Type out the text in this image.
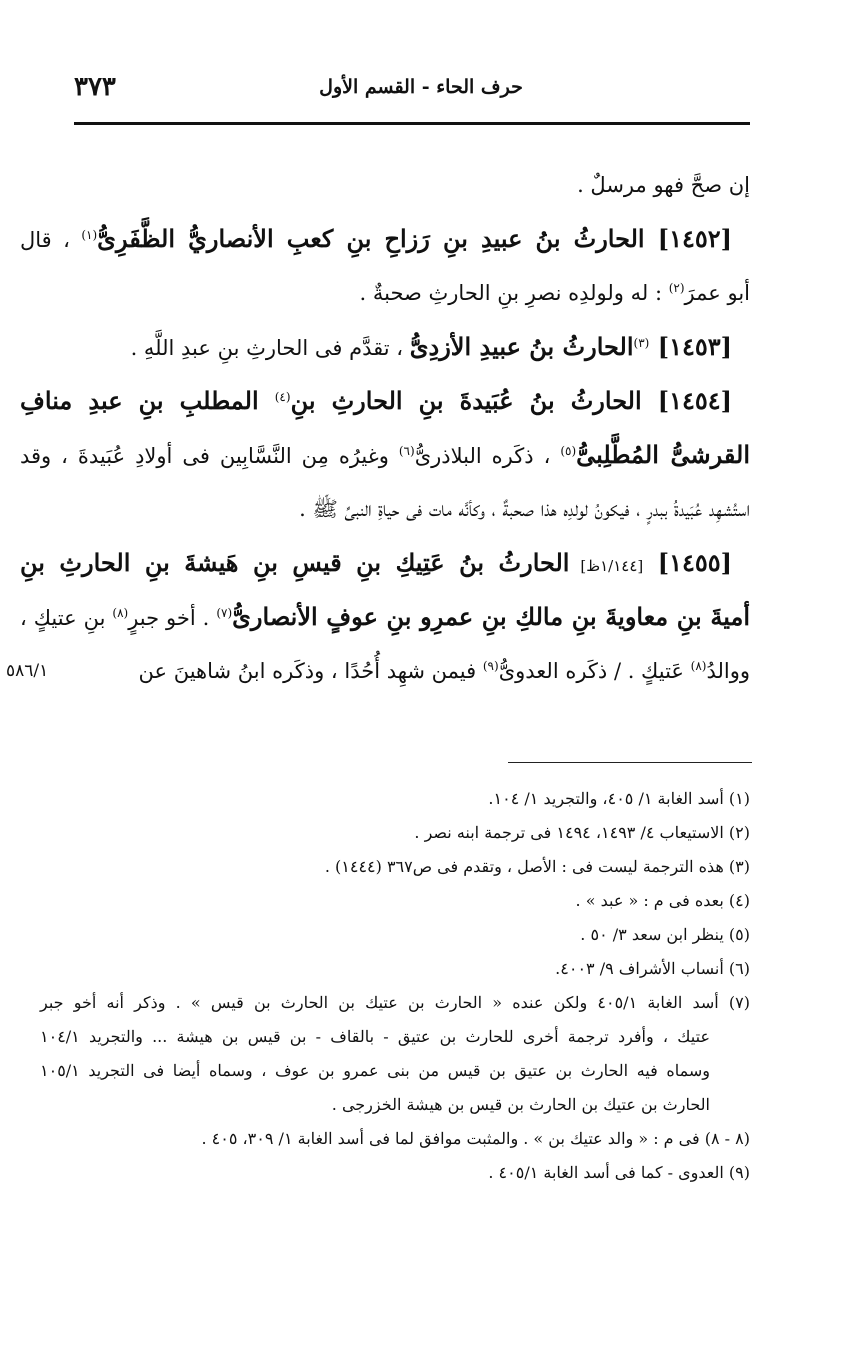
٣٧٣	حرف الحاء - القسم الأول
إن صحَّ فهو مرسلٌ .
[١٤٥٢] الحارثُ بنُ عبيدِ بنِ رَزاحِ بنِ كعبِ الأنصاريُّ الظَّفَرِىُّ$^{(١)}$ ، قال
أبو عمرَ$^{(٢)}$ : له ولولدِه نصرِ بنِ الحارثِ صحبةٌ .
[١٤٥٣] $^{(٣)}$الحارثُ بنُ عبيدِ الأزدِىُّ ، تقدَّم فى الحارثِ بنِ عبدِ اللَّهِ .
[١٤٥٤] الحارثُ بنُ عُبَيدةَ بنِ الحارثِ بنِ$^{(٤)}$ المطلبِ بنِ عبدِ منافِ
القرشىُّ المُطَّلِبىُّ$^{(٥)}$ ، ذكَره البلاذرىُّ$^{(٦)}$ وغيرُه مِن النَّسَّابِين فى أولادِ عُبَيدةَ ، وقد
استُشهِد عُبَيدةُ ببدرٍ ، فيكونُ لولدِه هذا صحبةٌ ، وكأنَّه مات فى حياةِ النبىِّ ﷺ .
[١٤٥٥] [١/١٤٤ظ] الحارثُ بنُ عَتِيكِ بنِ قيسِ بنِ هَيشةَ بنِ الحارثِ بنِ
أميةَ بنِ معاويةَ بنِ مالكِ بنِ عمرِو بنِ عوفٍ الأنصارىُّ$^{(٧)}$ . أخو جبرٍ$^{(٨)}$ بنِ عتيكٍ ،
ووالدُ$^{(٨)}$ عَتيكٍ . / ذكَره العدوىُّ$^{(٩)}$ فيمن شهِد أُحُدًا ، وذكَره ابنُ شاهينَ عن
٥٨٦/١
(١) أسد الغابة ١/ ٤٠٥، والتجريد ١/ ١٠٤.
(٢) الاستيعاب ٤/ ١٤٩٣، ١٤٩٤ فى ترجمة ابنه نصر .
(٣) هذه الترجمة ليست فى : الأصل ، وتقدم فى ص٣٦٧ (١٤٤٤) .
(٤) بعده فى م : « عبد » .
(٥) ينظر ابن سعد ٣/ ٥٠ .
(٦) أنساب الأشراف ٩/ ٤٠٠٣.
(٧) أسد الغابة ٤٠٥/١ ولكن عنده « الحارث بن عتيك بن الحارث بن قيس » . وذكر أنه أخو جبر
عتيك ، وأفرد ترجمة أخرى للحارث بن عتيق - بالقاف - بن قيس بن هيشة ... والتجريد ١٠٤/١
وسماه فيه الحارث بن عتيق بن قيس من بنى عمرو بن عوف ، وسماه أيضا فى التجريد ١٠٥/١
الحارث بن عتيك بن الحارث بن قيس بن هيشة الخزرجى .
(٨ - ٨) فى م : « والد عتيك بن » . والمثبت موافق لما فى أسد الغابة ١/ ٣٠٩، ٤٠٥ .
(٩) العدوى - كما فى أسد الغابة ٤٠٥/١ .
